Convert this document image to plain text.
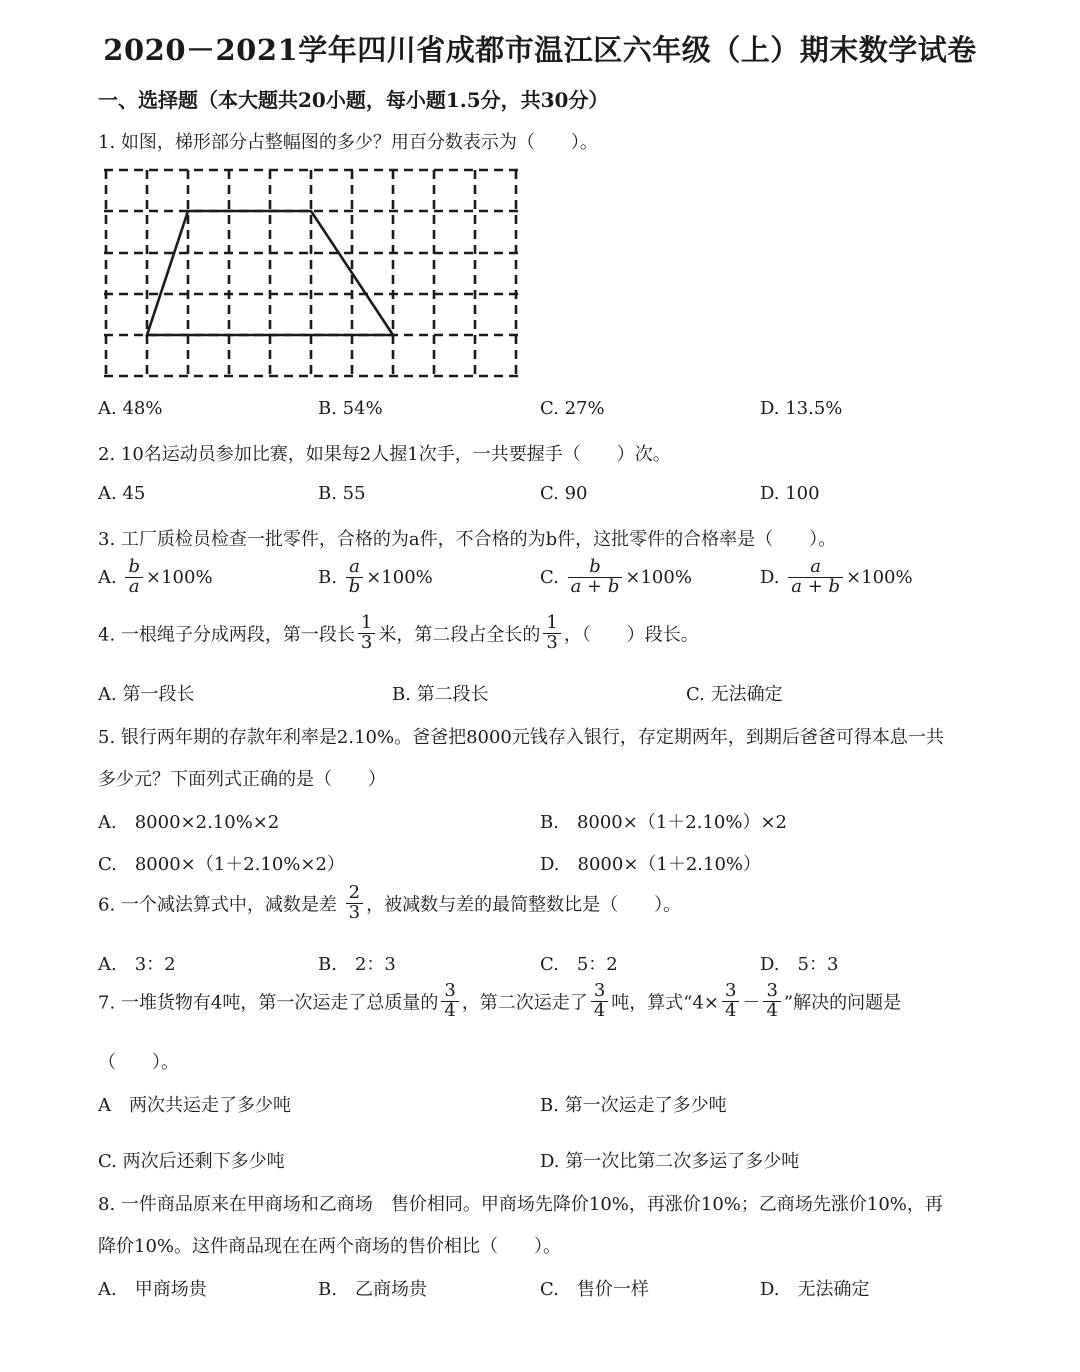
2020－2021学年四川省成都市温江区六年级（上）期末数学试卷
一、选择题（本大题共20小题，每小题1.5分，共30分）
1. 如图，梯形部分占整幅图的多少？用百分数表示为（　　）。
A. 48%	B. 54%	C. 27%	D. 13.5%
2. 10名运动员参加比赛，如果每2人握1次手，一共要握手（　　）次。
A. 45	B. 55	C. 90	D. 100
3. 工厂质检员检查一批零件，合格的为a件，不合格的为b件，这批零件的合格率是（　　）。
A. $\frac{b}{a} \times 100\%$	B. $\frac{a}{b} \times 100\%$	C. $\frac{b}{a + b} \times 100\%$	D. $\frac{a}{a + b} \times 100\%$
4. 一根绳子分成两段，第一段长 $\frac{1}{3}$ 米，第二段占全长的 $\frac{1}{3}$ ，（　　）段长。
A. 第一段长	B. 第二段长	C. 无法确定
5. 银行两年期的存款年利率是2.10%。爸爸把8000元钱存入银行，存定期两年，到期后爸爸可得本息一共
多少元？下面列式正确的是（　　）
A.　8000×2.10%×2	B.　8000×（1＋2.10%）×2
C.　8000×（1＋2.10%×2）	D.　8000×（1＋2.10%）
6. 一个减法算式中，减数是差 $\frac{2}{3}$ ，被减数与差的最简整数比是（　　）。
A.　3：2	B.　2：3	C.　5：2	D.　5：3
7. 一堆货物有4吨，第一次运走了总质量的 $\frac{3}{4}$ ，第二次运走了 $\frac{3}{4}$ 吨，算式“$4\times \frac{3}{4} - \frac{3}{4}$ ”解决的问题是
（　　）。
A　两次共运走了多少吨	B. 第一次运走了多少吨
C. 两次后还剩下多少吨	D. 第一次比第二次多运了多少吨
8. 一件商品原来在甲商场和乙商场　售价相同。甲商场先降价10%，再涨价10%；乙商场先涨价10%，再
降价10%。这件商品现在在两个商场的售价相比（　　）。
A.　甲商场贵	B.　乙商场贵	C.　售价一样	D.　无法确定
